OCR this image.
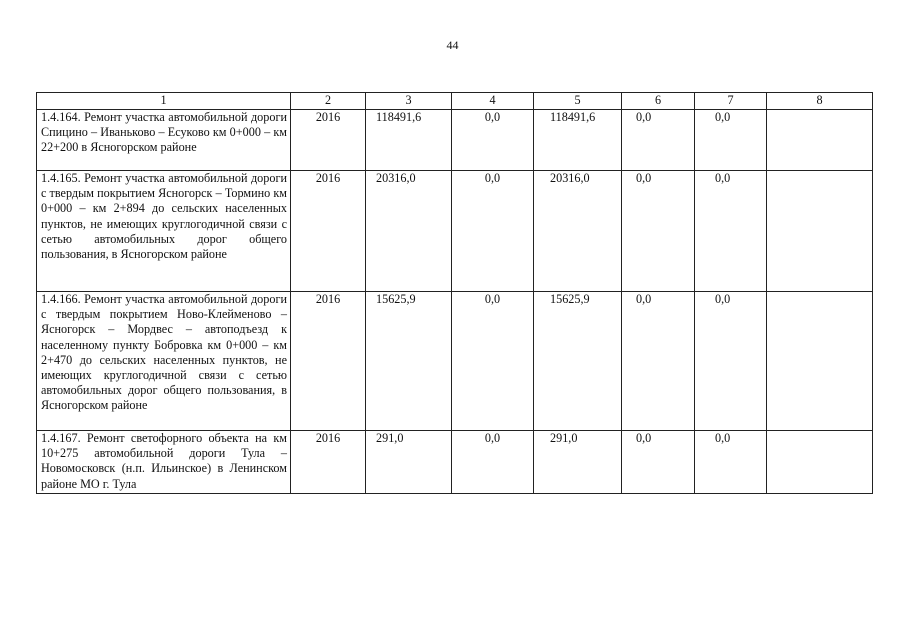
44
1	2	3	4	5	6	7	8
1.4.164. Ремонт участка автомобильной дороги Спицино – Иваньково – Есуково км 0+000 – км 22+200 в Ясногорском районе	2016	118491,6	0,0	118491,6	0,0	0,0	
1.4.165. Ремонт участка автомобильной дороги с твердым покрытием Ясногорск – Тормино км 0+000 – км 2+894 до сельских населенных пунктов, не имеющих круглогодичной связи с сетью автомобильных дорог общего пользования, в Ясногорском районе	2016	20316,0	0,0	20316,0	0,0	0,0	
1.4.166. Ремонт участка автомобильной дороги с твердым покрытием Ново-Клейменово – Ясногорск – Мордвес – автоподъезд к населенному пункту Бобровка км 0+000 – км 2+470 до сельских населенных пунктов, не имеющих круглогодичной связи с сетью автомобильных дорог общего пользования, в Ясногорском районе	2016	15625,9	0,0	15625,9	0,0	0,0	
1.4.167. Ремонт светофорного объекта на км 10+275 автомобильной дороги Тула – Новомосковск (н.п. Ильинское) в Ленинском районе МО г. Тула	2016	291,0	0,0	291,0	0,0	0,0	
